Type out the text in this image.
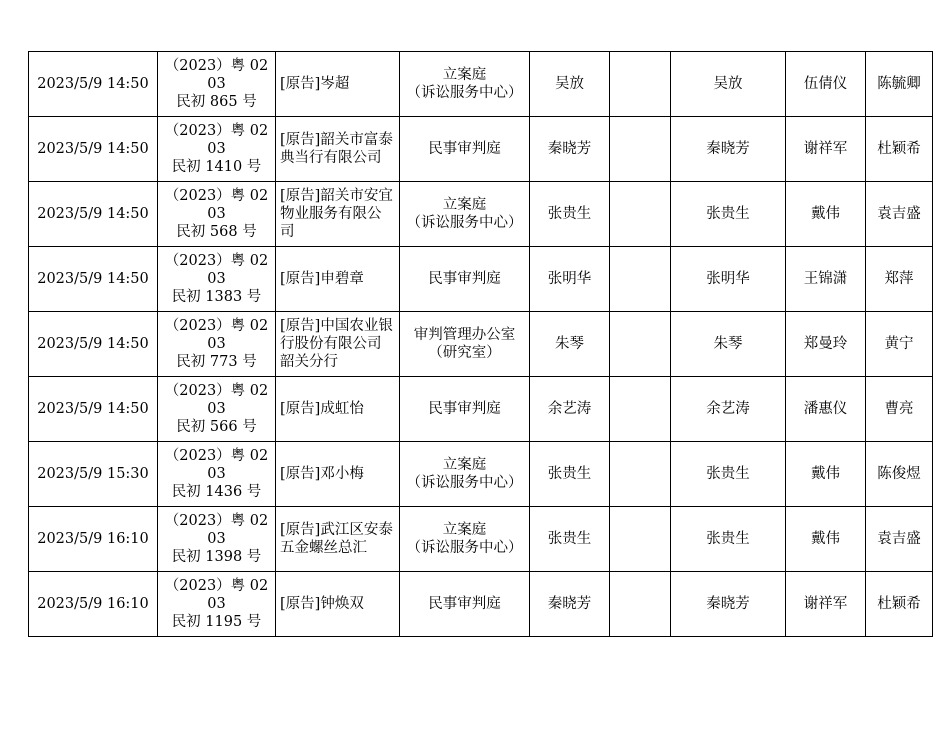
2023/5/9 14:50	（2023）粤 0203
民初 865 号	[原告]岑超	立案庭
（诉讼服务中心）	吴放		吴放	伍倩仪	陈毓卿
2023/5/9 14:50	（2023）粤 0203
民初 1410 号	[原告]韶关市富泰典当行有限公司	民事审判庭	秦晓芳		秦晓芳	谢祥军	杜颖希
2023/5/9 14:50	（2023）粤 0203
民初 568 号	[原告]韶关市安宜物业服务有限公司	立案庭
（诉讼服务中心）	张贵生		张贵生	戴伟	袁吉盛
2023/5/9 14:50	（2023）粤 0203
民初 1383 号	[原告]申碧章	民事审判庭	张明华		张明华	王锦潇	郑萍
2023/5/9 14:50	（2023）粤 0203
民初 773 号	[原告]中国农业银行股份有限公司韶关分行	审判管理办公室
（研究室）	朱琴		朱琴	郑曼玲	黄宁
2023/5/9 14:50	（2023）粤 0203
民初 566 号	[原告]成虹怡	民事审判庭	余艺涛		余艺涛	潘惠仪	曹亮
2023/5/9 15:30	（2023）粤 0203
民初 1436 号	[原告]邓小梅	立案庭
（诉讼服务中心）	张贵生		张贵生	戴伟	陈俊煜
2023/5/9 16:10	（2023）粤 0203
民初 1398 号	[原告]武江区安泰五金螺丝总汇	立案庭
（诉讼服务中心）	张贵生		张贵生	戴伟	袁吉盛
2023/5/9 16:10	（2023）粤 0203
民初 1195 号	[原告]钟焕双	民事审判庭	秦晓芳		秦晓芳	谢祥军	杜颖希
